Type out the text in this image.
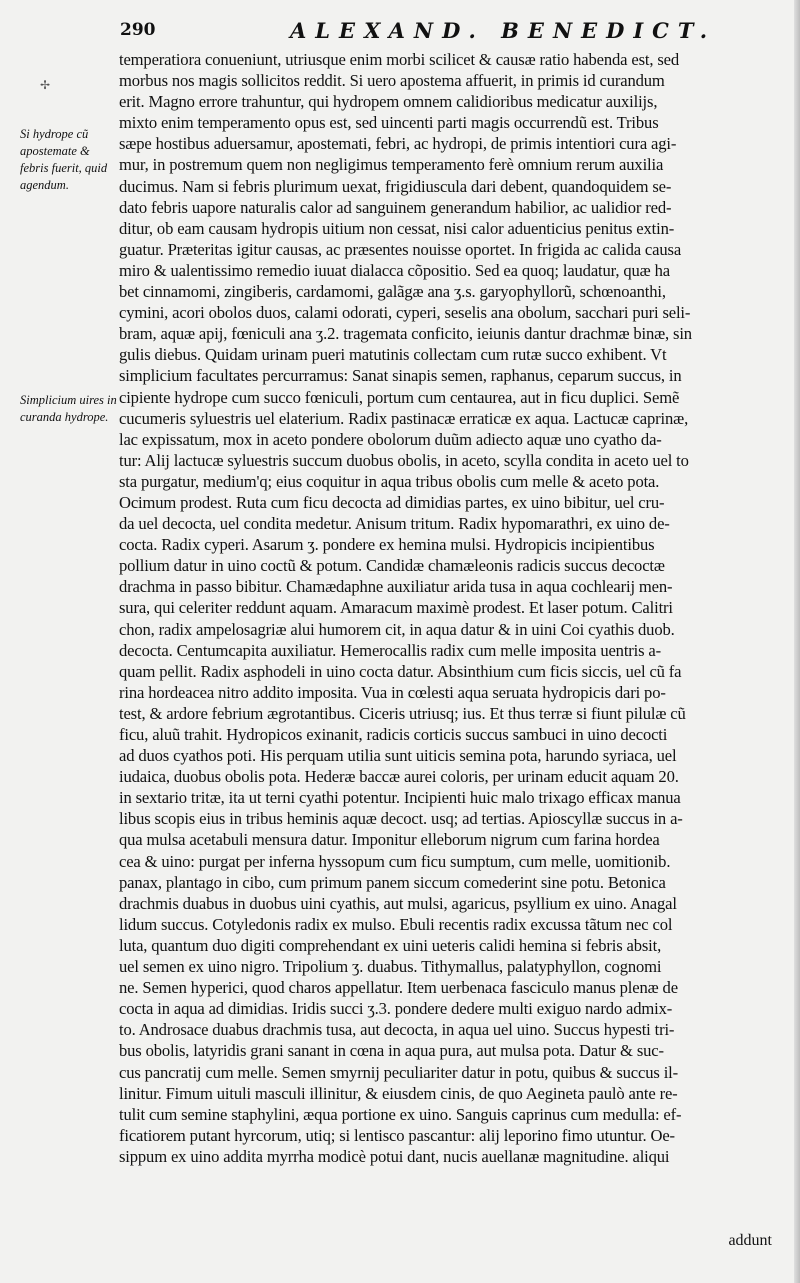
290	ALEXAND. BENEDICT.
✢
Si hydrope cũ apostemate & febris fuerit, quid agendum.
Simplicium uires in curanda hydrope.
temperatiora conueniunt, utriusque enim morbi scilicet & causæ ratio habenda est, sed
morbus nos magis sollicitos reddit. Si uero apostema affuerit, in primis id curandum
erit. Magno errore trahuntur, qui hydropem omnem calidioribus medicatur auxilijs,
mixto enim temperamento opus est, sed uincenti parti magis occurrendũ est. Tribus
sæpe hostibus aduersamur, apostemati, febri, ac hydropi, de primis intentiori cura agi-
mur, in postremum quem non negligimus temperamento ferè omnium rerum auxilia
ducimus. Nam si febris plurimum uexat, frigidiuscula dari debent, quandoquidem se-
dato febris uapore naturalis calor ad sanguinem generandum habilior, ac ualidior red-
ditur, ob eam causam hydropis uitium non cessat, nisi calor aduenticius penitus extin-
guatur. Præteritas igitur causas, ac præsentes nouisse oportet. In frigida ac calida causa
miro & ualentissimo remedio iuuat dialacca cõpositio. Sed ea quoq; laudatur, quæ ha
bet cinnamomi, zingiberis, cardamomi, galãgæ ana ʒ.s. garyophyllorũ, schœnoanthi,
cymini, acori obolos duos, calami odorati, cyperi, seselis ana obolum, sacchari puri seli-
bram, aquæ apij, fœniculi ana ʒ.2. tragemata conficito, ieiunis dantur drachmæ binæ, sin
gulis diebus. Quidam urinam pueri matutinis collectam cum rutæ succo exhibent. Vt
simplicium facultates percurramus: Sanat sinapis semen, raphanus, ceparum succus, in
cipiente hydrope cum succo fœniculi, portum cum centaurea, aut in ficu duplici. Semẽ
cucumeris syluestris uel elaterium. Radix pastinacæ erraticæ ex aqua. Lactucæ caprinæ,
lac expissatum, mox in aceto pondere obolorum duũm adiecto aquæ uno cyatho da-
tur: Alij lactucæ syluestris succum duobus obolis, in aceto, scylla condita in aceto uel to
sta purgatur, medium'q; eius coquitur in aqua tribus obolis cum melle & aceto pota.
Ocimum prodest. Ruta cum ficu decocta ad dimidias partes, ex uino bibitur, uel cru-
da uel decocta, uel condita medetur. Anisum tritum. Radix hypomarathri, ex uino de-
cocta. Radix cyperi. Asarum ʒ. pondere ex hemina mulsi. Hydropicis incipientibus
pollium datur in uino coctũ & potum. Candidæ chamæleonis radicis succus decoctæ
drachma in passo bibitur. Chamædaphne auxiliatur arida tusa in aqua cochleariј men-
sura, qui celeriter reddunt aquam. Amaracum maximè prodest. Et laser potum. Calitri
chon, radix ampelosagriæ alui humorem cit, in aqua datur & in uini Coi cyathis duob.
decocta. Centumcapita auxiliatur. Hemerocallis radix cum melle imposita uentris a-
quam pellit. Radix asphodeli in uino cocta datur. Absinthium cum ficis siccis, uel cũ fa
rina hordeacea nitro addito imposita. Vua in cœlesti aqua seruata hydropicis dari po-
test, & ardore febrium ægrotantibus. Ciceris utriusq; ius. Et thus terræ si fiunt pilulæ cũ
ficu, aluũ trahit. Hydropicos exinanit, radicis corticis succus sambuci in uino decocti
ad duos cyathos poti. His perquam utilia sunt uiticis semina pota, harundo syriaca, uel
iudaica, duobus obolis pota. Hederæ baccæ aurei coloris, per urinam educit aquam 20.
in sextario tritæ, ita ut terni cyathi potentur. Incipienti huic malo trixago efficax manua
libus scopis eius in tribus heminis aquæ decoct. usq; ad tertias. Apioscyllæ succus in a-
qua mulsa acetabuli mensura datur. Imponitur elleborum nigrum cum farina hordea
cea & uino: purgat per inferna hyssopum cum ficu sumptum, cum melle, uomitionib.
panax, plantago in cibo, cum primum panem siccum comederint sine potu. Betonica
drachmis duabus in duobus uini cyathis, aut mulsi, agaricus, psyllium ex uino. Anagal
lidum succus. Cotyledonis radix ex mulso. Ebuli recentis radix excussa tãtum nec col
luta, quantum duo digiti comprehendant ex uini ueteris calidi hemina si febris absit,
uel semen ex uino nigro. Tripolium ʒ. duabus. Tithymallus, palatyphyllon, cognomi
ne. Semen hyperici, quod charos appellatur. Item uerbenaca fasciculo manus plenæ de
cocta in aqua ad dimidias. Iridis succi ʒ.3. pondere dedere multi exiguo nardo admix-
to. Androsace duabus drachmis tusa, aut decocta, in aqua uel uino. Succus hypesti tri-
bus obolis, latyridis grani sanant in cœna in aqua pura, aut mulsa pota. Datur & suc-
cus pancratij cum melle. Semen smyrnij peculiariter datur in potu, quibus & succus il-
linitur. Fimum uituli masculi illinitur, & eiusdem cinis, de quo Aegineta paulò ante re-
tulit cum semine staphylini, æqua portione ex uino. Sanguis caprinus cum medulla: ef-
ficatiorem putant hyrcorum, utiq; si lentisco pascantur: alij leporino fimo utuntur. Oe-
sippum ex uino addita myrrha modicè potui dant, nucis auellanæ magnitudine. aliqui
addunt
